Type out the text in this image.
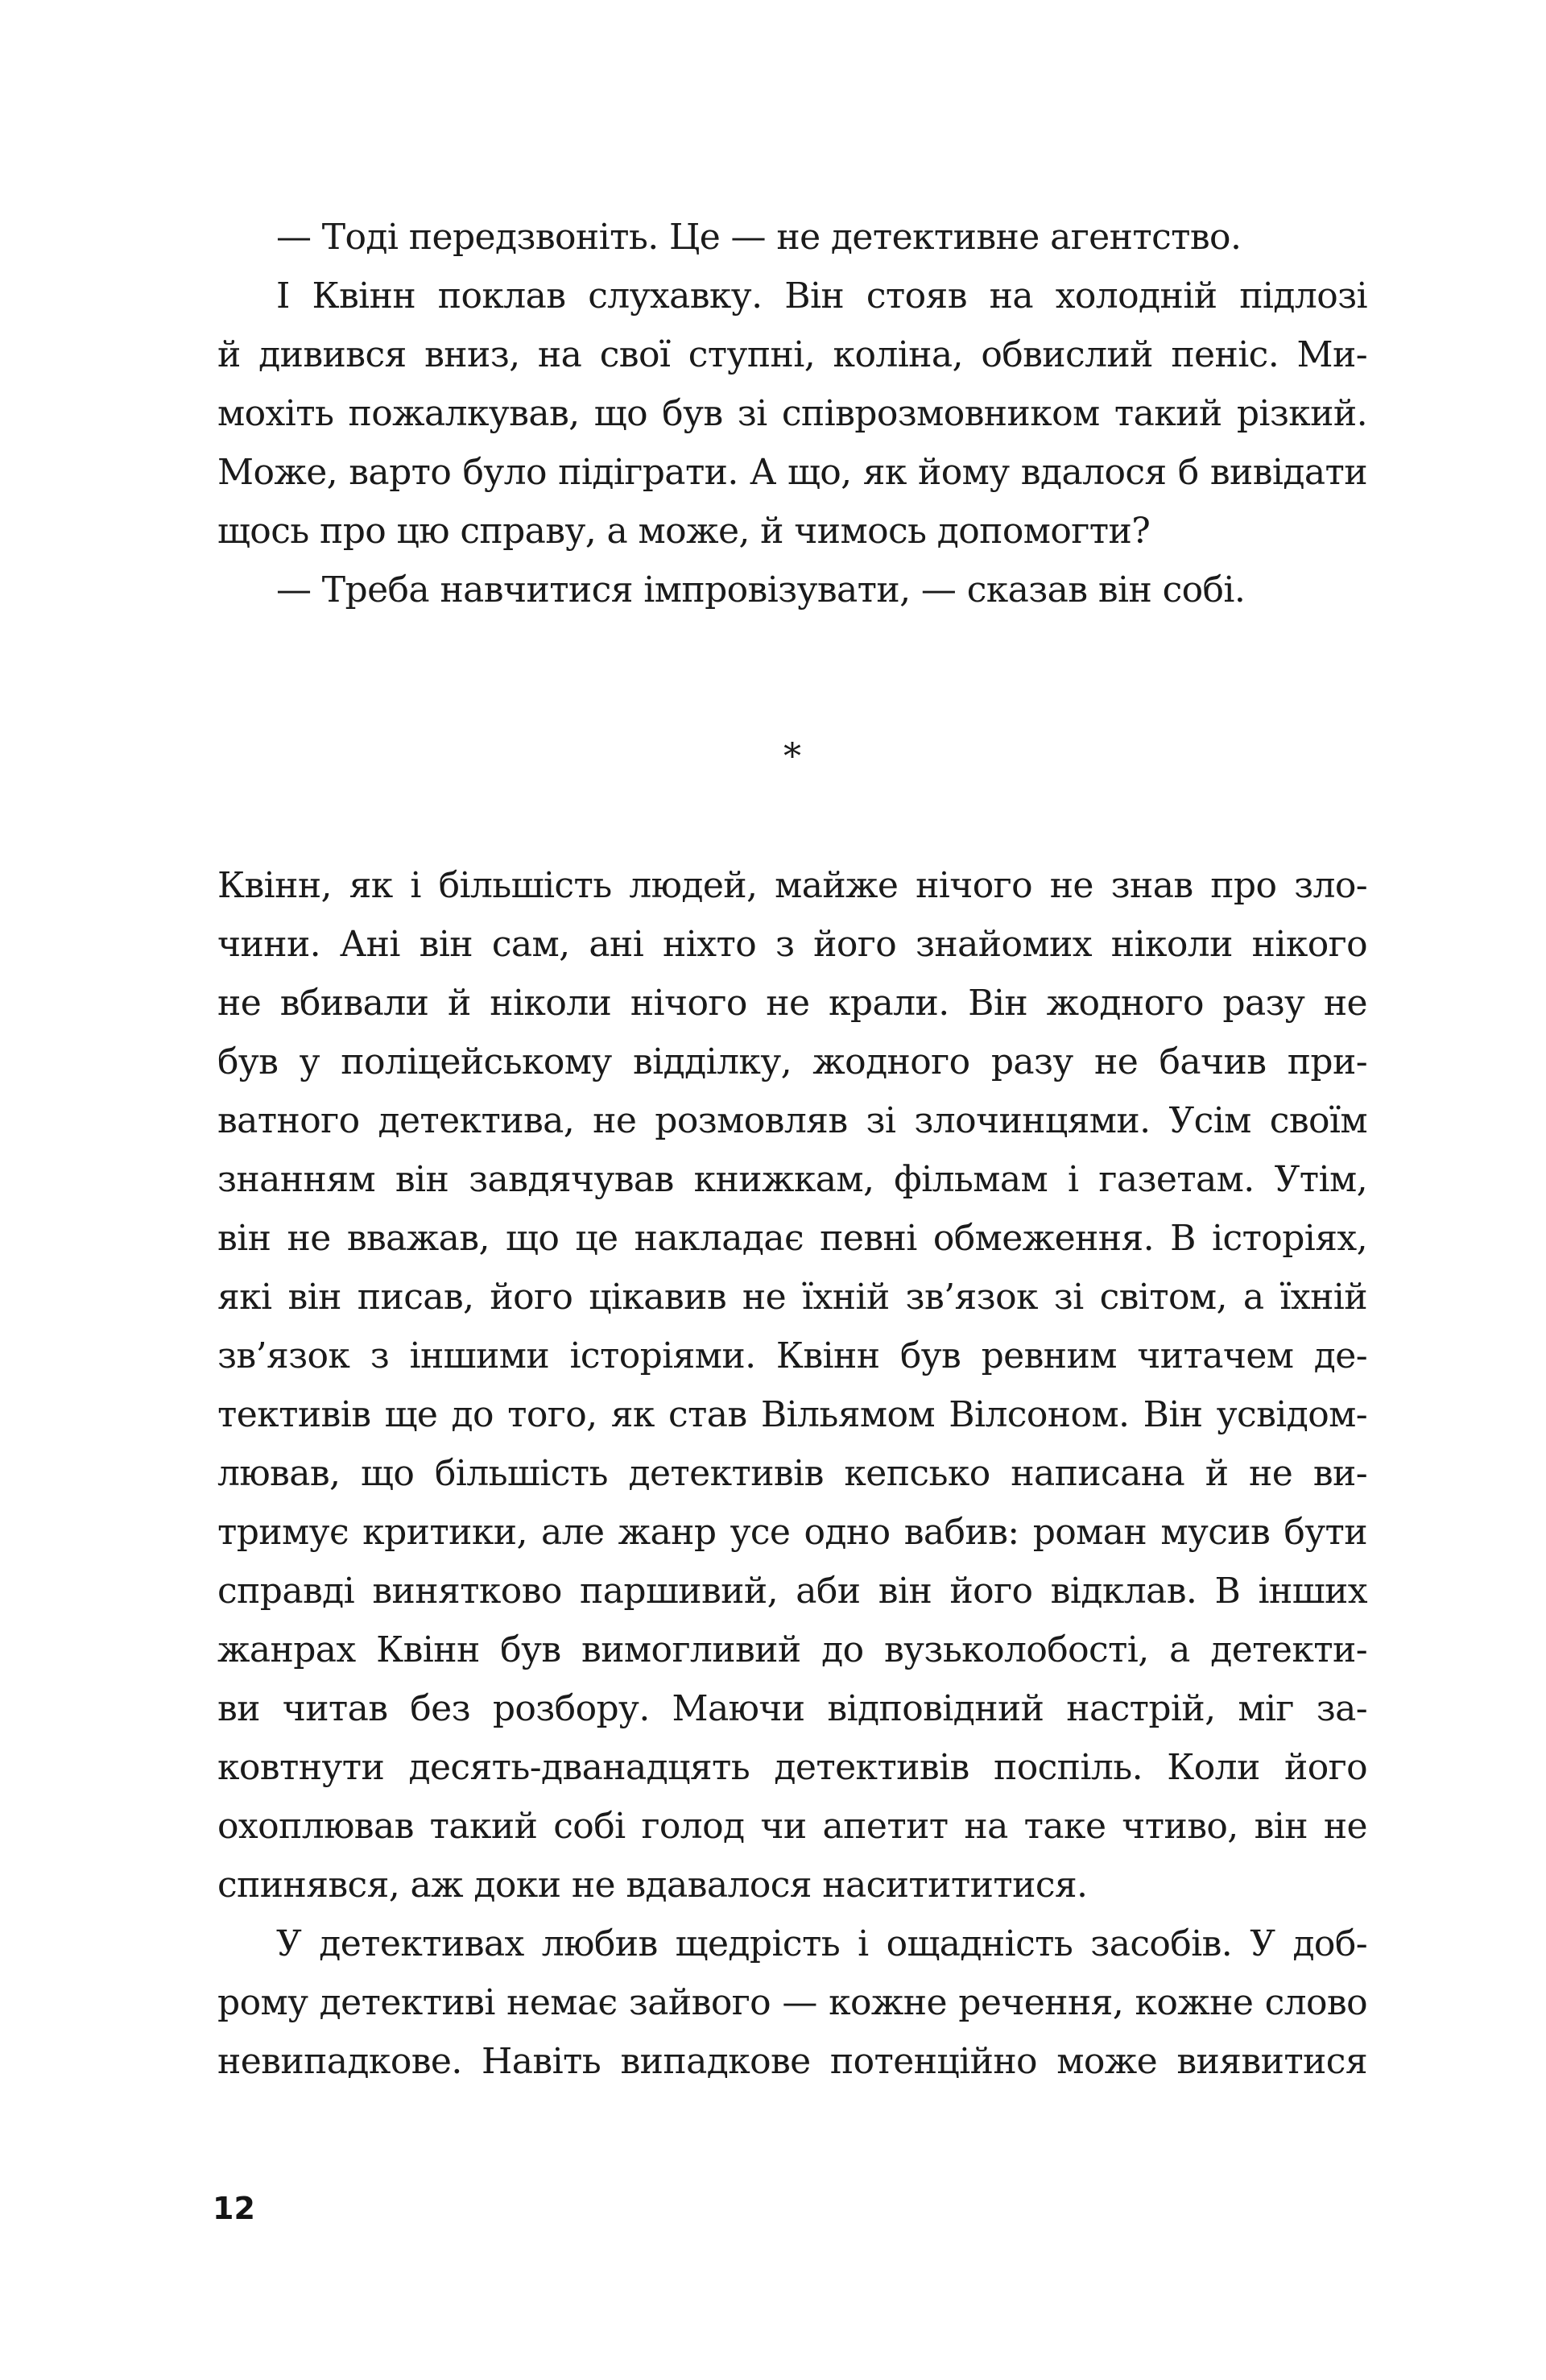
— Тоді передзвоніть. Це — не детективне агентство.
І Квінн поклав слухавку. Він стояв на холодній підлозі
й дивився вниз, на свої ступні, коліна, обвислий пеніс. Ми-
мохіть пожалкував, що був зі співрозмовником такий різкий.
Може, варто було підіграти. А що, як йому вдалося б вивідати
щось про цю справу, а може, й чимось допомогти?
— Треба навчитися імпровізувати, — сказав він собі.
*
Квінн, як і більшість людей, майже нічого не знав про зло-
чини. Ані він сам, ані ніхто з його знайомих ніколи нікого
не вбивали й ніколи нічого не крали. Він жодного разу не
був у поліцейському відділку, жодного разу не бачив при-
ватного детектива, не розмовляв зі злочинцями. Усім своїм
знанням він завдячував книжкам, фільмам і газетам. Утім,
він не вважав, що це накладає певні обмеження. В історіях,
які він писав, його цікавив не їхній зв’язок зі світом, а їхній
зв’язок з іншими історіями. Квінн був ревним читачем де-
тективів ще до того, як став Вільямом Вілсоном. Він усвідом-
лював, що більшість детективів кепсько написана й не ви-
тримує критики, але жанр усе одно вабив: роман мусив бути
справді винятково паршивий, аби він його відклав. В інших
жанрах Квінн був вимогливий до вузьколобості, а детекти-
ви читав без розбору. Маючи відповідний настрій, міг за-
ковтнути десять-дванадцять детективів поспіль. Коли його
охоплював такий собі голод чи апетит на таке чтиво, він не
спинявся, аж доки не вдавалося наситититися.
У детективах любив щедрість і ощадність засобів. У доб-
рому детективі немає зайвого — кожне речення, кожне слово
невипадкове. Навіть випадкове потенційно може виявитися
12
